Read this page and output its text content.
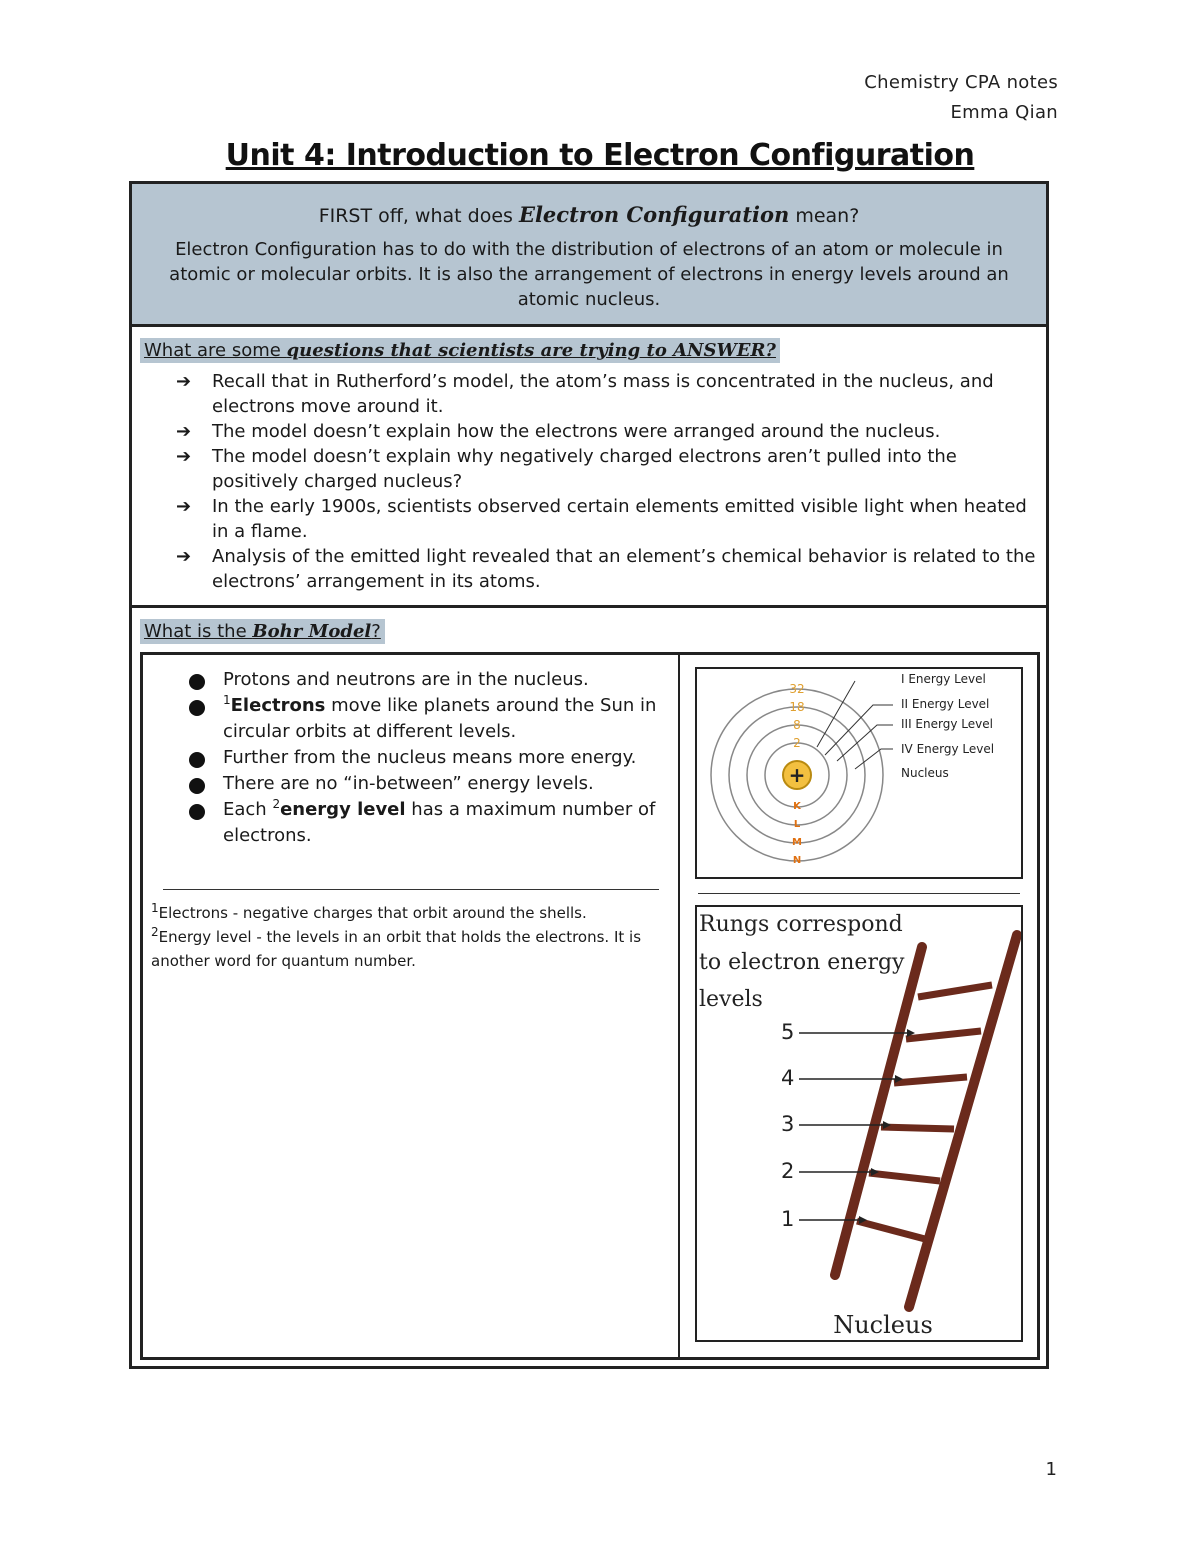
Chemistry CPA notes
Emma Qian
Unit 4: Introduction to Electron Configuration
FIRST off, what does Electron Configuration mean?
Electron Configuration has to do with the distribution of electrons of an atom or molecule in atomic or molecular orbits. It is also the arrangement of electrons in energy levels around an atomic nucleus.
What are some questions that scientists are trying to ANSWER?
➔ Recall that in Rutherford’s model, the atom’s mass is concentrated in the nucleus, and electrons move around it.
➔ The model doesn’t explain how the electrons were arranged around the nucleus.
➔ The model doesn’t explain why negatively charged electrons aren’t pulled into the positively charged nucleus?
➔ In the early 1900s, scientists observed certain elements emitted visible light when heated in a flame.
➔ Analysis of the emitted light revealed that an element’s chemical behavior is related to the electrons’ arrangement in its atoms.
What is the Bohr Model?
Protons and neutrons are in the nucleus.
$^1$Electrons move like planets around the Sun in circular orbits at different levels.
Further from the nucleus means more energy.
There are no “in-between” energy levels.
Each $^2$energy level has a maximum number of electrons.
$^1$Electrons - negative charges that orbit around the shells.
$^2$Energy level - the levels in an orbit that holds the electrons. It is another word for quantum number.
+
32
18
8
2
K
L
M
N
I Energy Level
II Energy Level
III Energy Level
IV Energy Level
Nucleus
Rungs correspond
to electron energy
levels
5
4
3
2
1
Nucleus
1
